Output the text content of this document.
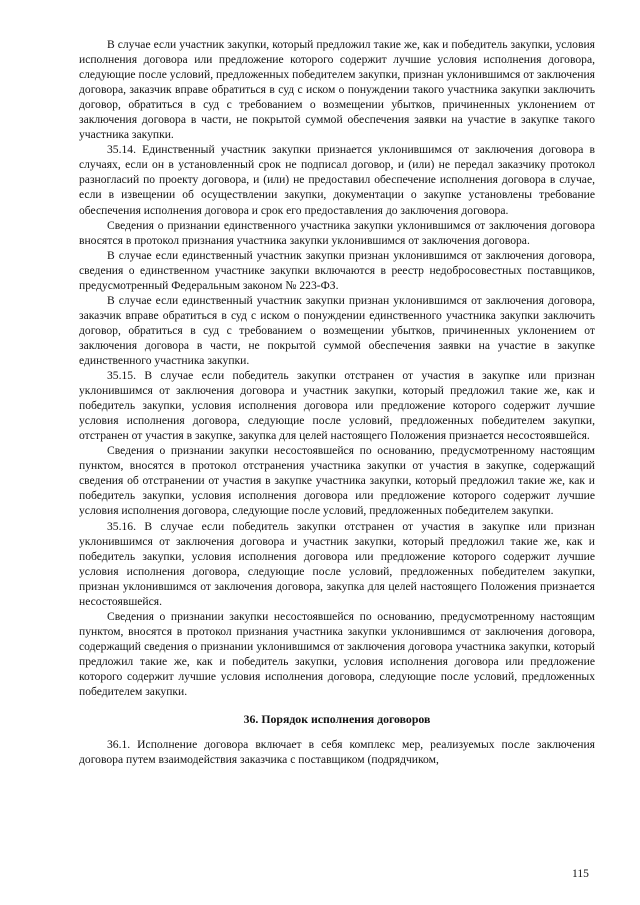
В случае если участник закупки, который предложил такие же, как и победитель закупки, условия исполнения договора или предложение которого содержит лучшие условия исполнения договора, следующие после условий, предложенных победителем закупки, признан уклонившимся от заключения договора, заказчик вправе обратиться в суд с иском о понуждении такого участника закупки заключить договор, обратиться в суд с требованием о возмещении убытков, причиненных уклонением от заключения договора в части, не покрытой суммой обеспечения заявки на участие в закупке такого участника закупки.

35.14. Единственный участник закупки признается уклонившимся от заключения договора в случаях, если он в установленный срок не подписал договор, и (или) не передал заказчику протокол разногласий по проекту договора, и (или) не предоставил обеспечение исполнения договора в случае, если в извещении об осуществлении закупки, документации о закупке установлены требование обеспечения исполнения договора и срок его предоставления до заключения договора.

Сведения о признании единственного участника закупки уклонившимся от заключения договора вносятся в протокол признания участника закупки уклонившимся от заключения договора.

В случае если единственный участник закупки признан уклонившимся от заключения договора, сведения о единственном участнике закупки включаются в реестр недобросовестных поставщиков, предусмотренный Федеральным законом № 223-ФЗ.

В случае если единственный участник закупки признан уклонившимся от заключения договора, заказчик вправе обратиться в суд с иском о понуждении единственного участника закупки заключить договор, обратиться в суд с требованием о возмещении убытков, причиненных уклонением от заключения договора в части, не покрытой суммой обеспечения заявки на участие в закупке единственного участника закупки.

35.15. В случае если победитель закупки отстранен от участия в закупке или признан уклонившимся от заключения договора и участник закупки, который предложил такие же, как и победитель закупки, условия исполнения договора или предложение которого содержит лучшие условия исполнения договора, следующие после условий, предложенных победителем закупки, отстранен от участия в закупке, закупка для целей настоящего Положения признается несостоявшейся.

Сведения о признании закупки несостоявшейся по основанию, предусмотренному настоящим пунктом, вносятся в протокол отстранения участника закупки от участия в закупке, содержащий сведения об отстранении от участия в закупке участника закупки, который предложил такие же, как и победитель закупки, условия исполнения договора или предложение которого содержит лучшие условия исполнения договора, следующие после условий, предложенных победителем закупки.

35.16. В случае если победитель закупки отстранен от участия в закупке или признан уклонившимся от заключения договора и участник закупки, который предложил такие же, как и победитель закупки, условия исполнения договора или предложение которого содержит лучшие условия исполнения договора, следующие после условий, предложенных победителем закупки, признан уклонившимся от заключения договора, закупка для целей настоящего Положения признается несостоявшейся.

Сведения о признании закупки несостоявшейся по основанию, предусмотренному настоящим пунктом, вносятся в протокол признания участника закупки уклонившимся от заключения договора, содержащий сведения о признании уклонившимся от заключения договора участника закупки, который предложил такие же, как и победитель закупки, условия исполнения договора или предложение которого содержит лучшие условия исполнения договора, следующие после условий, предложенных победителем закупки.

36. Порядок исполнения договоров

36.1. Исполнение договора включает в себя комплекс мер, реализуемых после заключения договора путем взаимодействия заказчика с поставщиком (подрядчиком,

115
